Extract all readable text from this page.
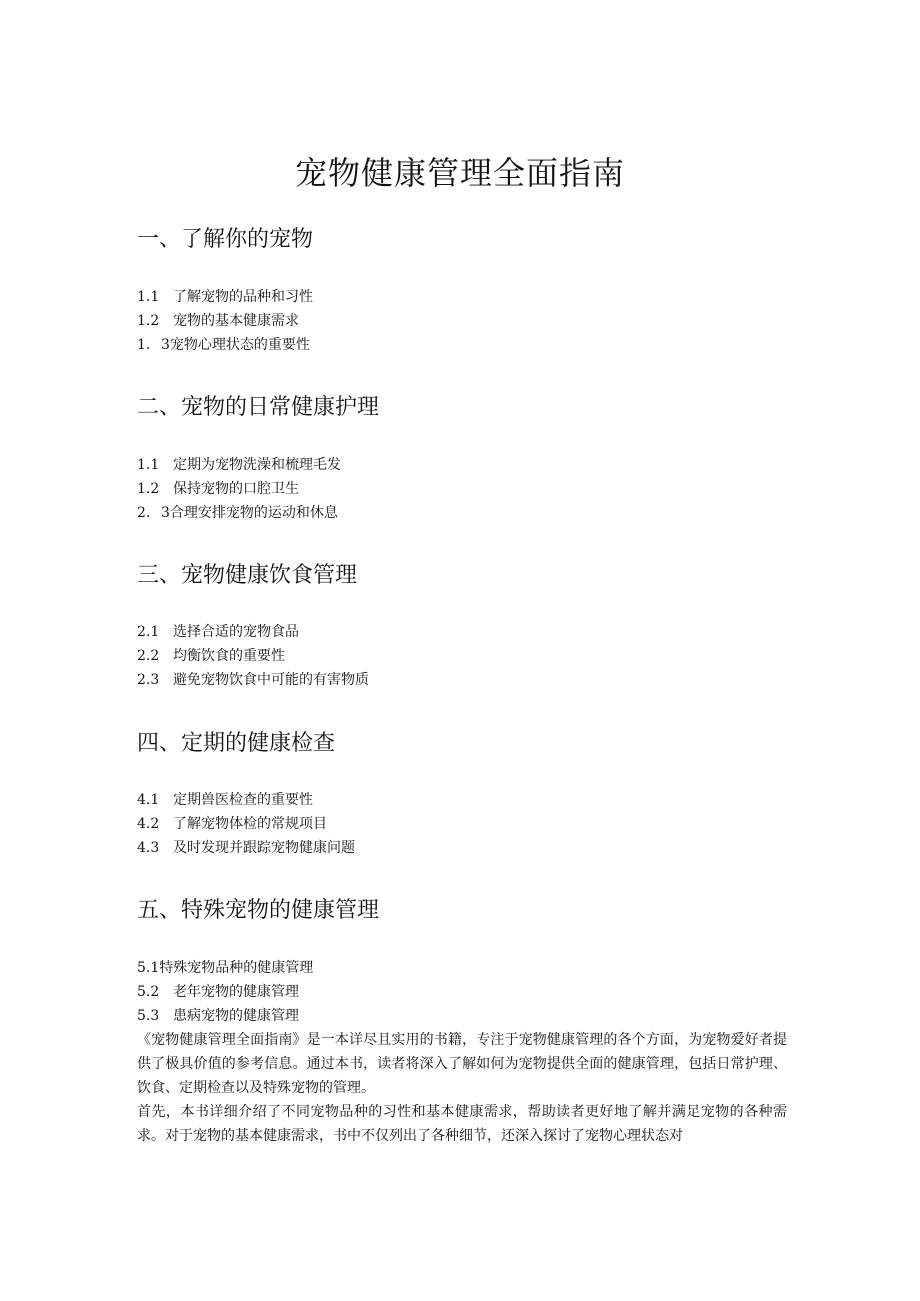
宠物健康管理全面指南
一、了解你的宠物
1.1 了解宠物的品种和习性
1.2 宠物的基本健康需求
1. 3宠物心理状态的重要性
二、宠物的日常健康护理
1.1 定期为宠物洗澡和梳理毛发
1.2 保持宠物的口腔卫生
2. 3合理安排宠物的运动和休息
三、宠物健康饮食管理
2.1 选择合适的宠物食品
2.2 均衡饮食的重要性
2.3 避免宠物饮食中可能的有害物质
四、定期的健康检查
4.1 定期兽医检查的重要性
4.2 了解宠物体检的常规项目
4.3 及时发现并跟踪宠物健康问题
五、特殊宠物的健康管理
5.1特殊宠物品种的健康管理
5.2 老年宠物的健康管理
5.3 患病宠物的健康管理

《宠物健康管理全面指南》是一本详尽且实用的书籍，专注于宠物健康管理的各个方面，为宠物爱好者提供了极具价值的参考信息。通过本书，读者将深入了解如何为宠物提供全面的健康管理，包括日常护理、饮食、定期检查以及特殊宠物的管理。

首先，本书详细介绍了不同宠物品种的习性和基本健康需求，帮助读者更好地了解并满足宠物的各种需求。对于宠物的基本健康需求，书中不仅列出了各种细节，还深入探讨了宠物心理状态对
